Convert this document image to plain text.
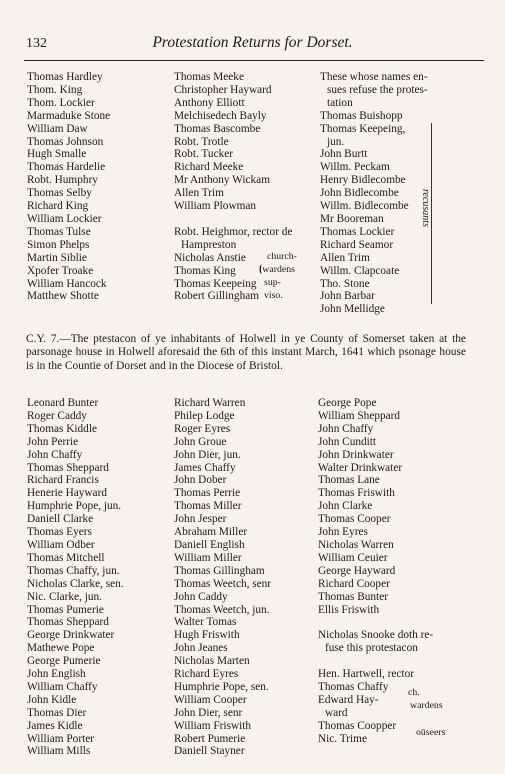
132	Protestation Returns for Dorset.
Thomas Hardley
Thom. King
Thom. Lockier
Marmaduke Stone
William Daw
Thomas Johnson
Hugh Smalle
Thomas Hardelie
Robt. Humphry
Thomas Selby
Richard King
William Lockier
Thomas Tulse
Simon Phelps
Martin Siblie
Xpofer Troake
William Hancock
Matthew Shotte
Thomas Meeke
Christopher Hayward
Anthony Elliott
Melchisedech Bayly
Thomas Bascombe
Robt. Trotle
Robt. Tucker
Richard Meeke
Mr Anthony Wickam
Allen Trim
William Plowman

Robt. Heighmor, rector de
Hampreston
Nicholas Anstie
Thomas King
Thomas Keepeing
Robert Gillingham
These whose names en-
sues refuse the protes-
tation
Thomas Buishopp
Thomas Keepeing,
jun.
John Burtt
Willm. Peckam
Henry Bidlecombe
John Bidlecombe
Willm. Bidlecombe
Mr Booreman
Thomas Lockier
Richard Seamor
Allen Trim
Willm. Clapcoate
Tho. Stone
John Barbar
John Mellidge
church-
⦗wardens
sup-
viso.
recusants
C.Y. 7.—The ptestacon of ye inhabitants of Holwell in ye County of Somerset taken at the parsonage house in Holwell aforesaid the 6th of this instant March, 1641 which psonage house is in the Countie of Dorset and in the Diocese of Bristol.
Leonard Bunter
Roger Caddy
Thomas Kiddle
John Perrie
John Chaffy
Thomas Sheppard
Richard Francis
Henerie Hayward
Humphrie Pope, jun.
Daniell Clarke
Thomas Eyers
William Odber
Thomas Mitchell
Thomas Chaffy, jun.
Nicholas Clarke, sen.
Nic. Clarke, jun.
Thomas Pumerie
Thomas Sheppard
George Drinkwater
Mathewe Pope
George Pumerie
John English
William Chaffy
John Kidle
Thomas Dier
James Kidle
William Porter
William Mills
Richard Warren
Philep Lodge
Roger Eyres
John Groue
John Dier, jun.
James Chaffy
John Dober
Thomas Perrie
Thomas Miller
John Jesper
Abraham Miller
Daniell English
William Miller
Thomas Gillingham
Thomas Weetch, senr
John Caddy
Thomas Weetch, jun.
Walter Tomas
Hugh Friswith
John Jeanes
Nicholas Marten
Richard Eyres
Humphrie Pope, sen.
William Cooper
John Dier, senr
William Friswith
Robert Pumerie
Daniell Stayner
George Pope
William Sheppard
John Chaffy
John Cunditt
John Drinkwater
Walter Drinkwater
Thomas Lane
Thomas Friswith
John Clarke
Thomas Cooper
John Eyres
Nicholas Warren
William Ceuier
George Hayward
Richard Cooper
Thomas Bunter
Ellis Friswith

Nicholas Snooke doth re-
fuse this protestacon

Hen. Hartwell, rector
Thomas Chaffy
Edward Hay-
ward
Thomas Coopper
Nic. Trime
ch.
wardens
oūseers
